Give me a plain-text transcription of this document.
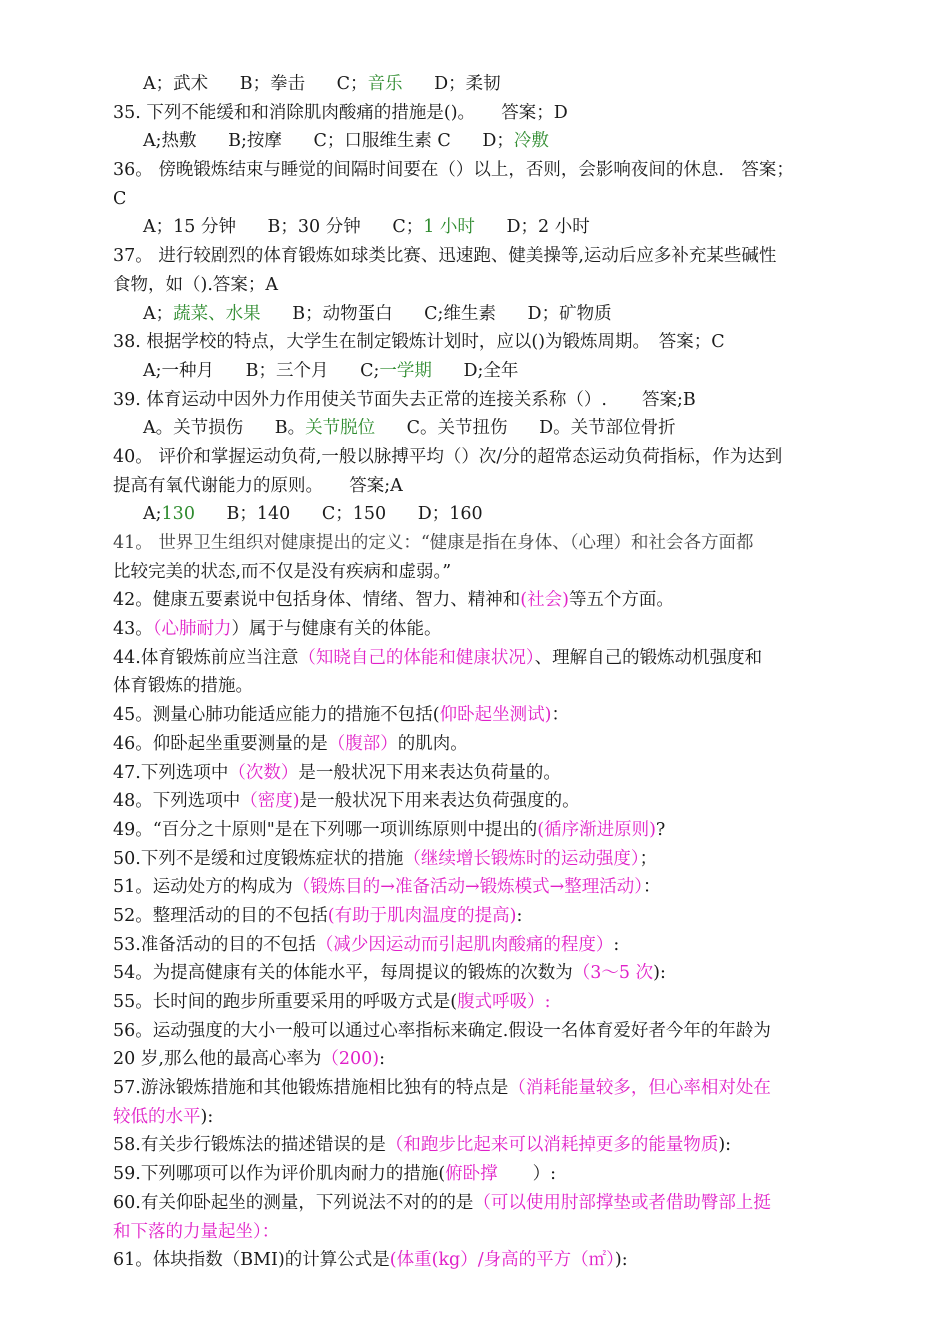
A；武术 B；拳击 C；音乐 D；柔韧
35. 下列不能缓和和消除肌肉酸痛的措施是()。　　答案；D
A;热敷 B;按摩 C；口服维生素 C D；冷敷
36。 傍晚锻炼结束与睡觉的间隔时间要在（）以上，否则，会影响夜间的休息.　答案；
C
A；15 分钟 B；30 分钟 C；1 小时 D；2 小时
37。 进行较剧烈的体育锻炼如球类比赛、迅速跑、健美操等,运动后应多补充某些碱性
食物，如（).答案；A
A；蔬菜、水果 B；动物蛋白 C;维生素 D；矿物质
38. 根据学校的特点，大学生在制定锻炼计划时，应以()为锻炼周期。　答案；C
A;一种月 B；三个月 C;一学期 D;全年
39. 体育运动中因外力作用使关节面失去正常的连接关系称（）.　　答案;B
A。关节损伤 B。关节脱位 C。关节扭伤 D。关节部位骨折
40。 评价和掌握运动负荷,一般以脉搏平均（）次/分的超常态运动负荷指标，作为达到
提高有氧代谢能力的原则。　　答案;A
A;130 B；140 C；150 D；160
41。 世界卫生组织对健康提出的定义：“健康是指在身体、（心理）和社会各方面都
比较完美的状态,而不仅是没有疾病和虚弱。”
42。健康五要素说中包括身体、情绪、智力、精神和(社会)等五个方面。
43。（心肺耐力）属于与健康有关的体能。
44.体育锻炼前应当注意（知晓自己的体能和健康状况）、理解自己的锻炼动机强度和
体育锻炼的措施。
45。测量心肺功能适应能力的措施不包括(仰卧起坐测试)：
46。仰卧起坐重要测量的是（腹部）的肌肉。
47.下列选项中（次数）是一般状况下用来表达负荷量的。
48。下列选项中（密度)是一般状况下用来表达负荷强度的。
49。“百分之十原则"是在下列哪一项训练原则中提出的(循序渐进原则)?
50.下列不是缓和过度锻炼症状的措施（继续增长锻炼时的运动强度）；
51。运动处方的构成为（锻炼目的→准备活动→锻炼模式→整理活动）：
52。整理活动的目的不包括(有助于肌肉温度的提高):
53.准备活动的目的不包括（减少因运动而引起肌肉酸痛的程度）:
54。为提高健康有关的体能水平，每周提议的锻炼的次数为（3～5 次):
55。长时间的跑步所重要采用的呼吸方式是(腹式呼吸）:
56。运动强度的大小一般可以通过心率指标来确定.假设一名体育爱好者今年的年龄为
20 岁,那么他的最高心率为（200):
57.游泳锻炼措施和其他锻炼措施相比独有的特点是（消耗能量较多，但心率相对处在
较低的水平):
58.有关步行锻炼法的描述错误的是（和跑步比起来可以消耗掉更多的能量物质):
59.下列哪项可以作为评价肌肉耐力的措施(俯卧撑　　）:
60.有关仰卧起坐的测量，下列说法不对的的是（可以使用肘部撑垫或者借助臀部上挺
和下落的力量起坐）：
61。体块指数（BMI)的计算公式是(体重(kg）/身高的平方（㎡）):
